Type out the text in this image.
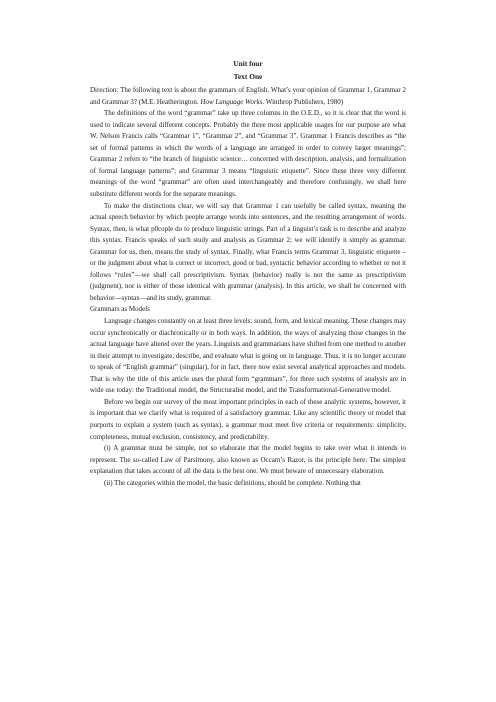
Unit four

Text One

Direction: The following text is about the grammars of English. What’s your opinion of Grammar 1, Grammar 2 and Grammar 3? (M.E. Heatherington. How Language Works. Winthrop Publishers, 1980)

The definitions of the word “grammar” take up three columns in the O.E.D., so it is clear that the word is used to indicate several different concepts. Probably the three most applicable usages for our purpose are what W. Nelson Francis calls “Grammar 1”, “Grammar 2”, and “Grammar 3”. Grammar 1 Francis describes as “the set of formal patterns in which the words of a language are arranged in order to convey larger meanings”; Grammar 2 refers to “the branch of linguistic science… concerned with description, analysis, and formalization of formal language patterns”; and Grammar 3 means “linguistic etiquette”. Since these three very different meanings of the word “grammar” are often used interchangeably and therefore confusingly, we shall here substitute different words for the separate meanings.

To make the distinctions clear, we will say that Grammar 1 can usefully be called syntax, meaning the actual speech behavior by which people arrange words into sentences, and the resulting arrangement of words. Syntax, then, is what p0cople do to produce linguistic strings. Part of a linguist’s task is to describe and analyze this syntax. Francis speaks of such study and analysis as Grammar 2; we will identify it simply as grammar. Grammar for us, then, means the study of syntax. Finally, what Francis terms Grammar 3, linguistic etiquette –or the judgment about what is correct or incorrect, good or bad, syntactic behavior according to whether or not it follows “rules”—we shall call prescriptivism. Syntax (behavior) really is not the same as prescriptivism (judgment), nor is either of those identical with grammar (analysis). In this article, we shall be concerned with behavior—syntax—and its study, grammar.

Grammars as Models

Language changes constantly on at least three levels: sound, form, and lexical meaning. These changes may occur synchronically or diachronically or in both ways. In addition, the ways of analyzing those changes in the actual language have altered over the years. Linguists and grammarians have shifted from one method to another in their attempt to investigate, describe, and evaluate what is going on in language. Thus, it is no longer accurate to speak of “English grammar” (singular), for in fact, there now exist several analytical approaches and models. That is why the title of this article uses the plural form “grammars”, for three such systems of analysis are in wide use today: the Traditional model, the Structuralist model, and the Transformational-Generative model.

Before we begin our survey of the most important principles in each of these analytic systems, however, it is important that we clarify what is required of a satisfactory grammar. Like any scientific theory or model that purports to explain a system (such as syntax), a grammar must meet five criteria or requirements: simplicity, completeness, mutual exclusion, consistency, and predictability.

(i) A grammar must be simple, not so elaborate that the model begins to take over what it intends to represent. The so-called Law of Parsimony, also known as Occam’s Razor, is the principle here: The simplest explanation that takes account of all the data is the best one. We must beware of unnecessary elaboration.

(ii) The categories within the model, the basic definitions, should be complete. Nothing that
